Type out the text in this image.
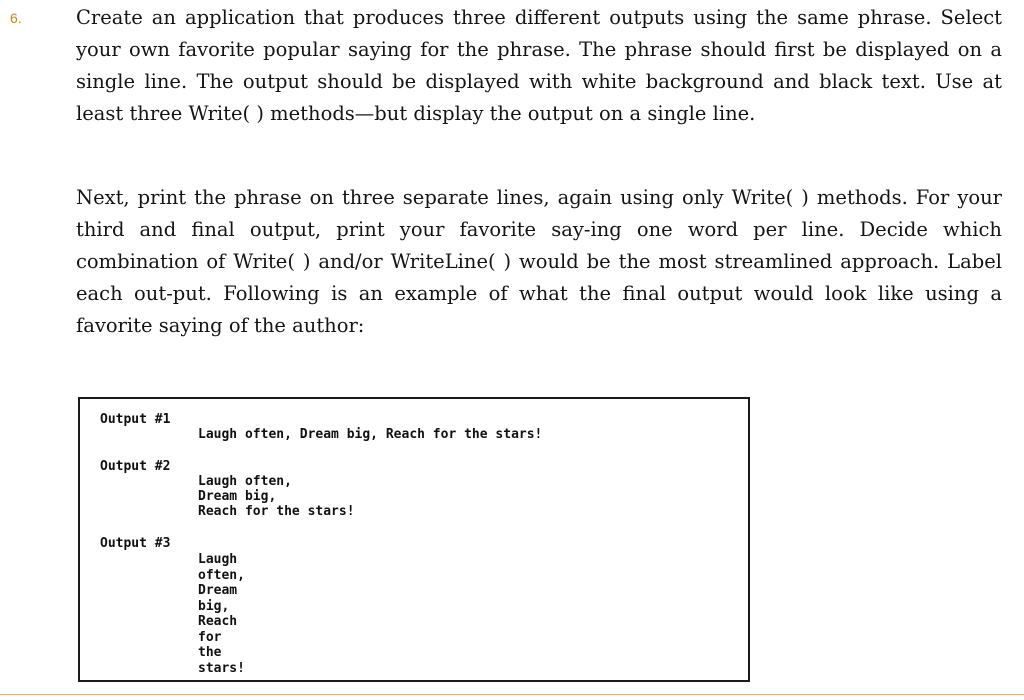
6.	Create an application that produces three different outputs using the same phrase. Select your own favorite popular saying for the phrase. The phrase should first be displayed on a single line. The output should be displayed with white background and black text. Use at least three Write( ) methods—but display the output on a single line.

Next, print the phrase on three separate lines, again using only Write( ) methods. For your third and final output, print your favorite say-ing one word per line. Decide which combination of Write( ) and/or WriteLine( ) would be the most streamlined approach. Label each out-put. Following is an example of what the final output would look like using a favorite saying of the author:

Output #1
Laugh often, Dream big, Reach for the stars!
Output #2
Laugh often,
Dream big,
Reach for the stars!
Output #3
Laugh
often,
Dream
big,
Reach
for
the
stars!
